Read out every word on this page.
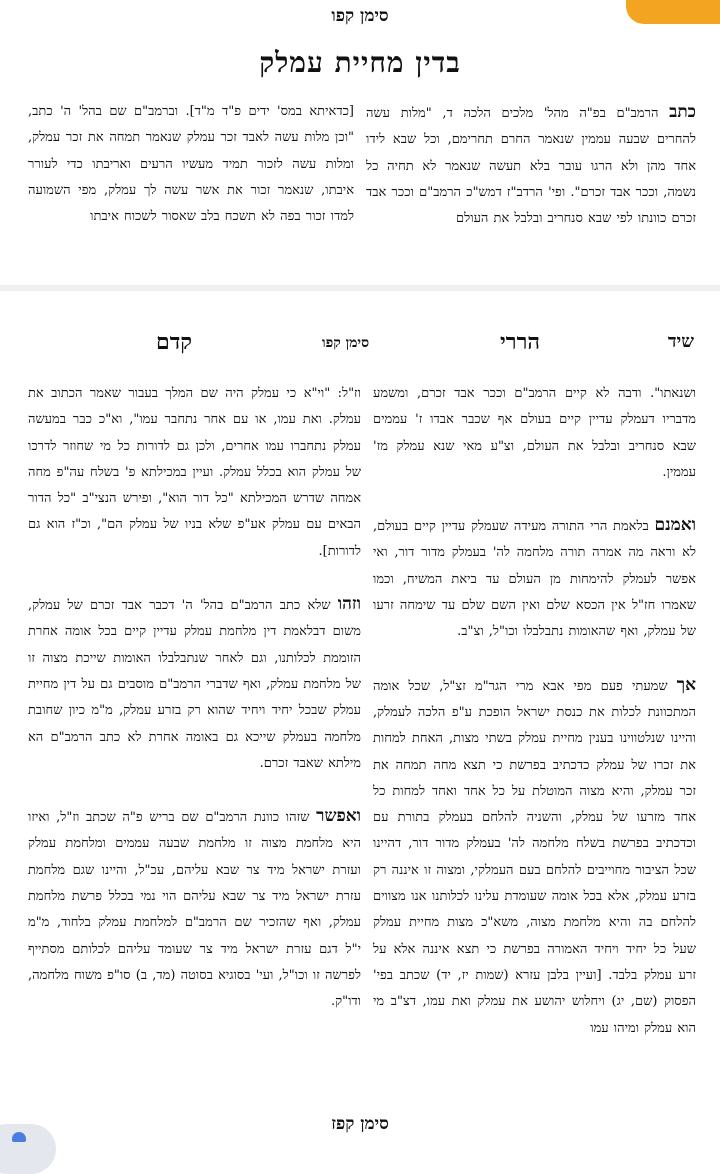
סימן קפו
בדין מחיית עמלק

כתב הרמב"ם בפ"ה מהל' מלכים הלכה ד, "מלות עשה להחרים שבעה עממין שנאמר החרם תחרימם, וכל שבא לידו אחד מהן ולא הרגו עובר בלא תעשה שנאמר לא תחיה כל נשמה, וככר אבד זכרם". ופי' הרדב"ז דמש"כ הרמב"ם וככר אבד זכרם כוונתו לפי שבא סנחריב ובלבל את העולם

[כדאיתא במס' ידים פ"ד מ"ד]. וברמב"ם שם בהל' ה' כתב, "וכן מלות עשה לאבד זכר עמלק שנאמר תמחה את זכר עמלק, ומלות עשה לזכור תמיד מעשיו הרעים ואריבתו כדי לעורר איבתו, שנאמר זכור את אשר עשה לך עמלק, מפי השמועה למדו זכור בפה לא תשכח בלב שאסור לשכוח איבתו

שיד
הררי
סימן קפו
קדם

ושנאתו". ודבה לא קיים הרמב"ם וככר אבד זכרם, ומשמע מדבריו דעמלק עדיין קיים בעולם אף שכבר אבדו ז' עממים שבא סנחריב ובלבל את העולם, וצ"ע מאי שנא עמלק מז' עממין.

ואמנם בלאמת הרי התורה מעידה שעמלק עדיין קיים בעולם, לא וראה מה אמרה תורה מלחמה לה' בעמלק מדור דור, ואי אפשר לעמלק להימחות מן העולם עד ביאת המשיח, וכמו שאמרו חז"ל אין הכסא שלם ואין השם שלם עד שימחה זרעו של עמלק, ואף שהאומות נתבלבלו וכו"ל, וצ"ב.

אך שמעתי פעם מפי אבא מרי הגר"מ זצ"ל, שכל אומה המתכוונת לכלות את כנסת ישראל הופכת ע"פ הלכה לעמלק, והיינו שנלטווינו בענין מחיית עמלק בשתי מצות, האחת למחות את זכרו של עמלק כדכתיב בפרשת כי תצא מחה תמחה את זכר עמלק, והיא מצוה המוטלת על כל אחד ואחד למחות כל אחד מזרעו של עמלק, והשניה להלחם בעמלק בתורת עם וכדכתיב בפרשת בשלח מלחמה לה' בעמלק מדור דור, דהיינו שכל הציבור מחוייבים להלחם בעם העמלקי, ומצוה זו איננה רק בזרע עמלק, אלא בכל אומה שעומדת עלינו לכלותנו אנו מצווים להלחם בה והיא מלחמת מצוה, משא"כ מצות מחיית עמלק שעל כל יחיד ויחיד האמורה בפרשת כי תצא איננה אלא על זרע עמלק בלבד. [ועיין בלבן עזרא (שמות יז, יד) שכתב בפי' הפסוק (שם, יג) ויחלוש יהושע את עמלק ואת עמו, דצ"ב מי הוא עמלק ומיהו עמו

וז"ל: "וי"א כי עמלק היה שם המלך בעבור שאמר הכתוב את עמלק. ואת עמו, או עם אחר נתחבר עמו", וא"כ כבר במעשה עמלק נתחברו עמו אחרים, ולכן גם לדורות כל מי שחוזר לדרכו של עמלק הוא בכלל עמלק. ועיין במכילתא פ' בשלח עה"פ מחה אמחה שדרש המכילתא "כל דור הוא", ופירש הנצי"ב "כל הדור הבאים עם עמלק אע"פ שלא בניו של עמלק הם", וכ"ז הוא גם לדורות].

וזהו שלא כתב הרמב"ם בהל' ה' דכבר אבד זכרם של עמלק, משום דבלאמת דין מלחמת עמלק עדיין קיים בכל אומה אחרת הזוממת לכלותנו, וגם לאחר שנתבלבלו האומות שייכת מצוה זו של מלחמת עמלק, ואף שדברי הרמב"ם מוסבים גם על דין מחיית עמלק שבכל יחיד ויחיד שהוא רק בזרע עמלק, מ"מ כיון שחובת מלחמה בעמלק שייכא גם באומה אחרת לא כתב הרמב"ם הא מילתא שאבד זכרם.

ואפשר שזהו כוונת הרמב"ם שם בריש פ"ה שכתב וז"ל, ואיזו היא מלחמת מצוה זו מלחמת שבעה עממים ומלחמת עמלק ועזרת ישראל מיד צר שבא עליהם, עכ"ל, והיינו שגם מלחמת עזרת ישראל מיד צר שבא עליהם הוי נמי בכלל פרשת מלחמת עמלק, ואף שהזכיר שם הרמב"ם למלחמת עמלק בלחוד, מ"מ י"ל דגם עזרת ישראל מיד צר שעומד עליהם לכלותם מסתייף לפרשה זו וכו"ל, ועי' בסוגיא בסוטה (מד, ב) סו"פ משוח מלחמה, ודו"ק.

סימן קפז
